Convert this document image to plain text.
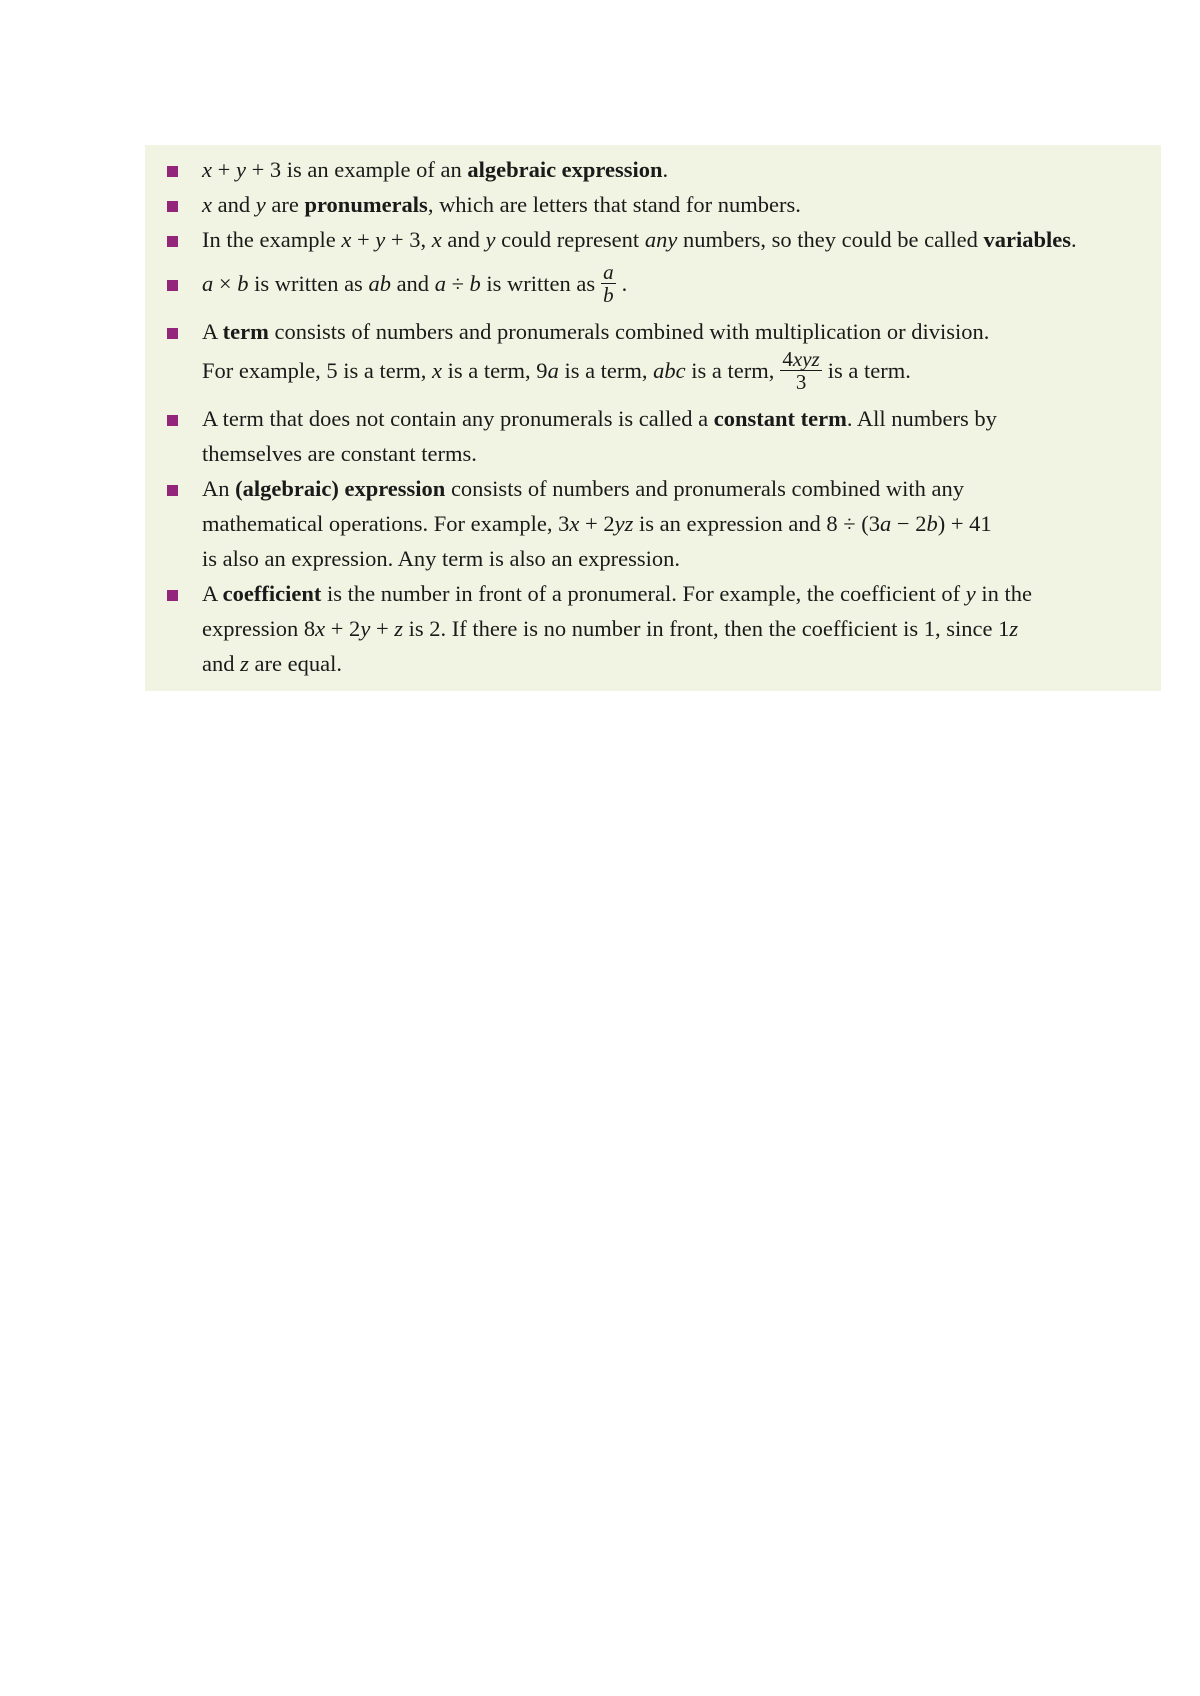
x + y + 3 is an example of an algebraic expression.
x and y are pronumerals, which are letters that stand for numbers.
In the example x + y + 3, x and y could represent any numbers, so they could be called variables.
a × b is written as ab and a ÷ b is written as $\frac{a}{b}$ .
A term consists of numbers and pronumerals combined with multiplication or division.
For example, 5 is a term, x is a term, 9a is a term, abc is a term, $\frac{\text{4xyz}}{3}$ is a term.
A term that does not contain any pronumerals is called a constant term. All numbers by
themselves are constant terms.
An (algebraic) expression consists of numbers and pronumerals combined with any
mathematical operations. For example, 3x + 2yz is an expression and 8 ÷ (3a − 2b) + 41
is also an expression. Any term is also an expression.
A coefficient is the number in front of a pronumeral. For example, the coefficient of y in the
expression 8x + 2y + z is 2. If there is no number in front, then the coefficient is 1, since 1z
and z are equal.
